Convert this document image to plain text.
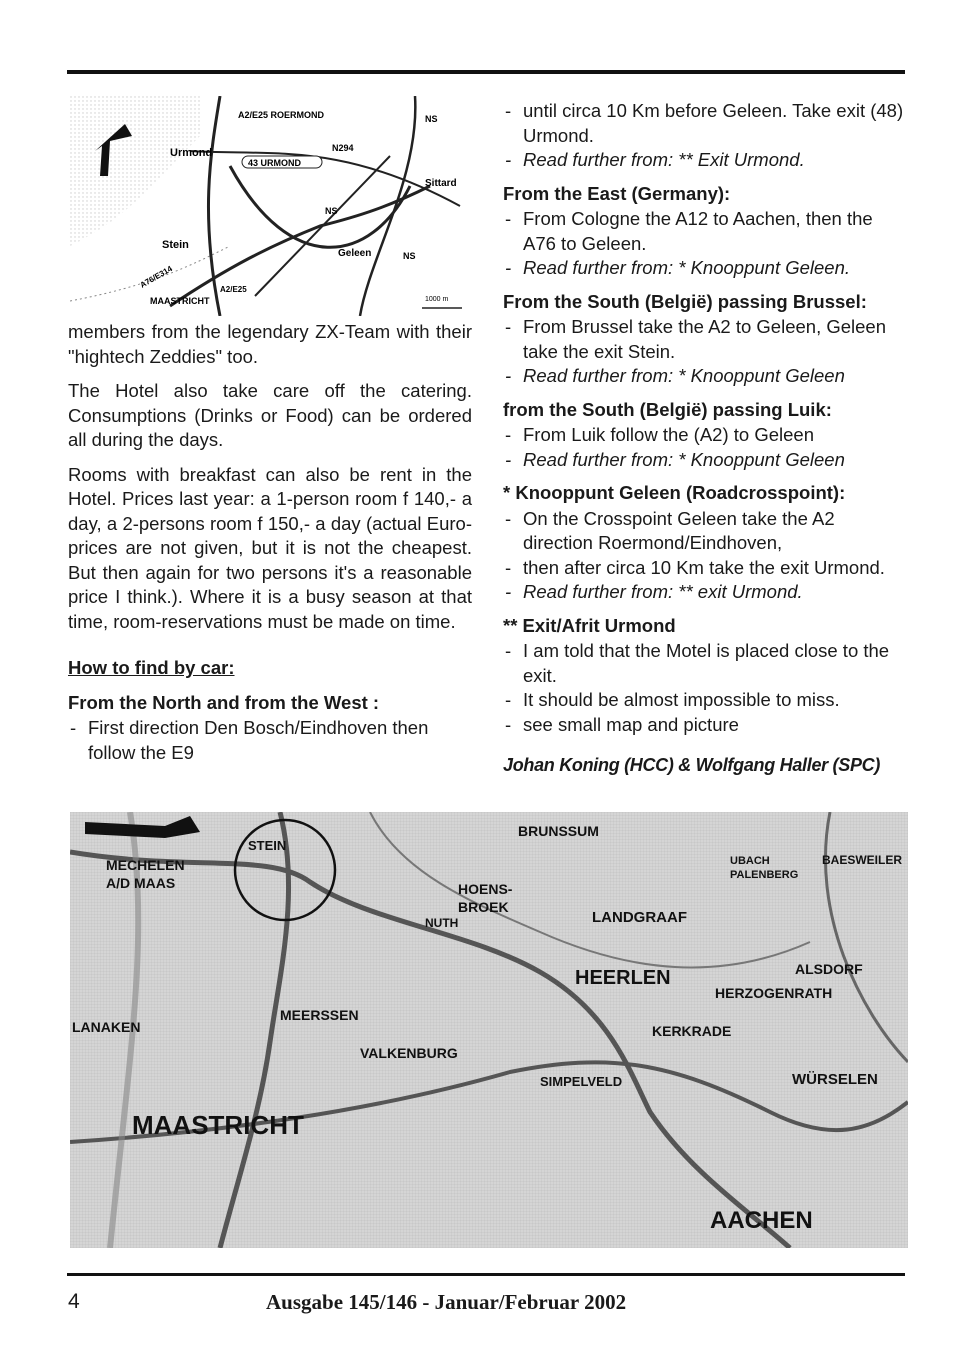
43 URMOND
A2/E25 ROERMOND	NS
Urmond	N294
Sittard
NS
Stein
Geleen	NS
A76/E314	A2/E25
MAASTRICHT	1000 m

members from the legendary ZX-Team with their "hightech Zeddies" too.

The Hotel also take care off the catering. Consumptions (Drinks or Food) can be ordered all during the days.

Rooms with breakfast can also be rent in the Hotel. Prices last year: a 1-person room f 140,- a day, a 2-persons room f 150,- a day (actual Euro-prices are not given, but it is not the cheapest. But then again for two persons it's a reasonable price I think.). Where it is a busy season at that time, room-reservations must be made on time.

How to find by car:
From the North and from the West :
- First direction Den Bosch/Eindhoven then follow the E9
- until circa 10 Km before Geleen. Take exit (48) Urmond.
- Read further from: ** Exit Urmond.
From the East (Germany):
- From Cologne the A12 to Aachen, then the A76 to Geleen.
- Read further from: * Knooppunt Geleen.
From the South (België) passing Brussel:
- From Brussel take the A2 to Geleen, Geleen take the exit Stein.
- Read further from: * Knooppunt Geleen
from the South (België) passing Luik:
- From Luik follow the (A2) to Geleen
- Read further from: * Knooppunt Geleen
* Knooppunt Geleen (Roadcrosspoint):
- On the Crosspoint Geleen take the A2 direction Roermond/Eindhoven,
- then after circa 10 Km take the exit Urmond.
- Read further from: ** exit Urmond.
** Exit/Afrit Urmond
- I am told that the Motel is placed close to the exit.
- It should be almost impossible to miss.
- see small map and picture
Johan Koning (HCC) & Wolfgang Haller (SPC)
BRUNSSUM
STEIN
MECHELEN
A/D MAAS	HOENS-
BROEK
NUTH
UBACH
PALENBERG
BAESWEILER
LANDGRAAF
HEERLEN	ALSDORF
HERZOGENRATH
LANAKEN
MEERSSEN
VALKENBURG
KERKRADE
SIMPELVELD	WÜRSELEN
MAASTRICHT
AACHEN
4	Ausgabe 145/146 - Januar/Februar 2002
